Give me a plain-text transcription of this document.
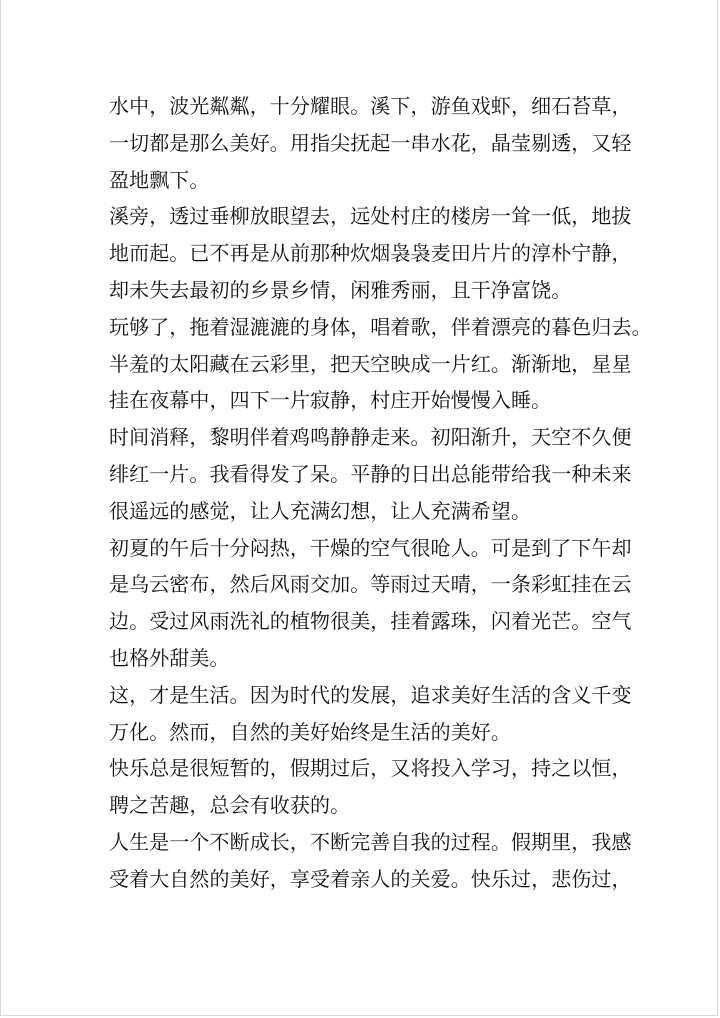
水中，波光粼粼，十分耀眼。溪下，游鱼戏虾，细石苔草，
一切都是那么美好。用指尖抚起一串水花，晶莹剔透，又轻
盈地飘下。
溪旁，透过垂柳放眼望去，远处村庄的楼房一耸一低，地拔
地而起。已不再是从前那种炊烟袅袅麦田片片的淳朴宁静，
却未失去最初的乡景乡情，闲雅秀丽，且干净富饶。
玩够了，拖着湿漉漉的身体，唱着歌，伴着漂亮的暮色归去。
半羞的太阳藏在云彩里，把天空映成一片红。渐渐地，星星
挂在夜幕中，四下一片寂静，村庄开始慢慢入睡。
时间消释，黎明伴着鸡鸣静静走来。初阳渐升，天空不久便
绯红一片。我看得发了呆。平静的日出总能带给我一种未来
很遥远的感觉，让人充满幻想，让人充满希望。
初夏的午后十分闷热，干燥的空气很呛人。可是到了下午却
是乌云密布，然后风雨交加。等雨过天晴，一条彩虹挂在云
边。受过风雨洗礼的植物很美，挂着露珠，闪着光芒。空气
也格外甜美。
这，才是生活。因为时代的发展，追求美好生活的含义千变
万化。然而，自然的美好始终是生活的美好。
快乐总是很短暂的，假期过后，又将投入学习，持之以恒，
聘之苦趣，总会有收获的。
人生是一个不断成长，不断完善自我的过程。假期里，我感
受着大自然的美好，享受着亲人的关爱。快乐过，悲伤过，
